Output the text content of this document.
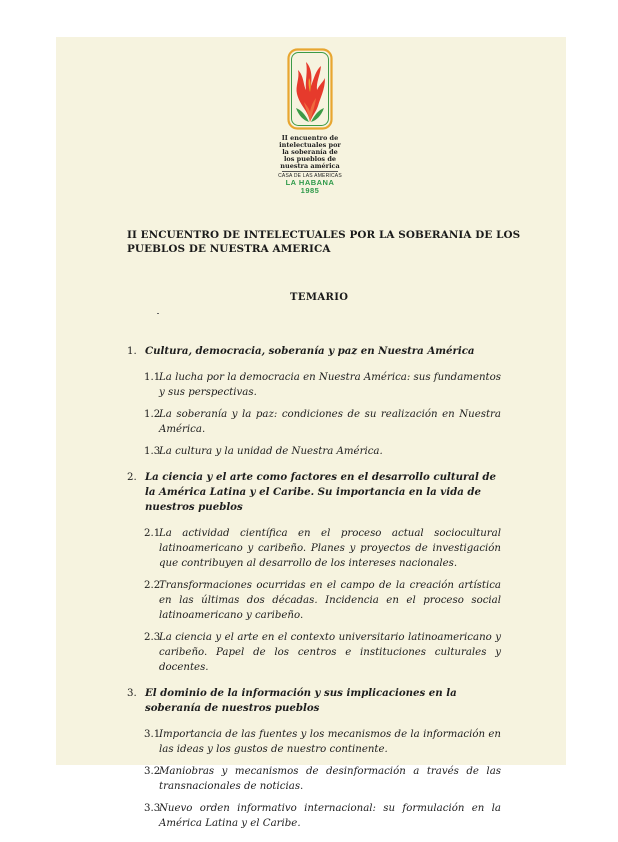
II encuentro de intelectuales por la soberanía de los pueblos de nuestra américa
CASA DE LAS AMERICAS
LA HABANA 1985
II ENCUENTRO DE INTELECTUALES POR LA SOBERANIA DE LOS PUEBLOS DE NUESTRA AMERICA
TEMARIO
1. Cultura, democracia, soberanía y paz en Nuestra América
1.1
La lucha por la democracia en Nuestra América: sus fundamentos y sus perspectivas.
1.2
La soberanía y la paz: condiciones de su realización en Nuestra América.
1.3
La cultura y la unidad de Nuestra América.
2. La ciencia y el arte como factores en el desarrollo cultural de la América Latina y el Caribe. Su importancia en la vida de nuestros pueblos
2.1
La actividad científica en el proceso actual sociocultural latinoamericano y caribeño. Planes y proyectos de investigación que contribuyen al desarrollo de los intereses nacionales.
2.2
Transformaciones ocurridas en el campo de la creación artística en las últimas dos décadas. Incidencia en el proceso social latinoamericano y caribeño.
2.3
La ciencia y el arte en el contexto universitario latinoamericano y caribeño. Papel de los centros e instituciones culturales y docentes.
3. El dominio de la información y sus implicaciones en la soberanía de nuestros pueblos
3.1
Importancia de las fuentes y los mecanismos de la información en las ideas y los gustos de nuestro continente.
3.2
Maniobras y mecanismos de desinformación a través de las transnacionales de noticias.
3.3
Nuevo orden informativo internacional: su formulación en la América Latina y el Caribe.
